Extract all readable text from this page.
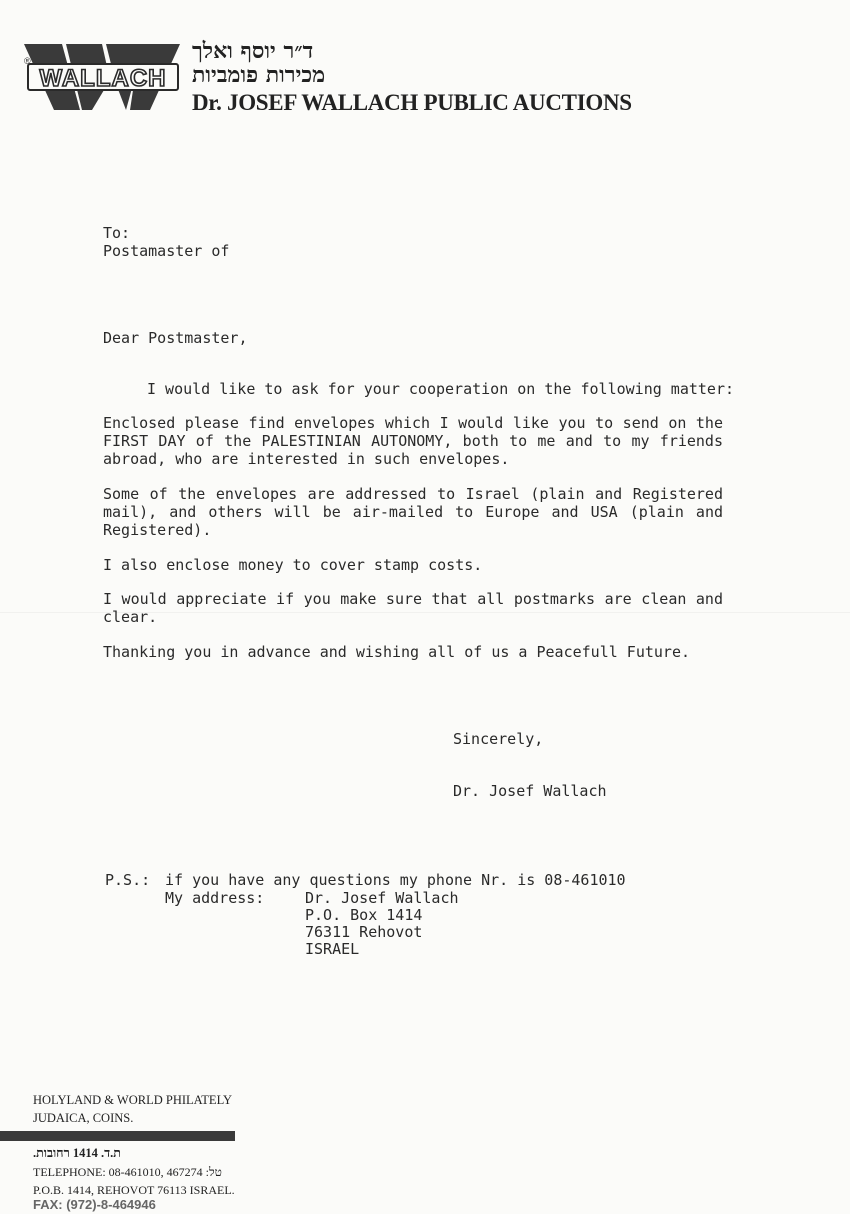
WALLACH
®	ד״ר יוסף ואלך
מכירות פומביות
Dr. JOSEF WALLACH PUBLIC AUCTIONS
To:
Postamaster of
Dear Postmaster,
I would like to ask for your cooperation on the following matter:
Enclosed please find envelopes which I would like you to send on the FIRST DAY of the PALESTINIAN AUTONOMY, both to me and to my friends abroad, who are interested in such envelopes.
Some of the envelopes are addressed to Israel (plain and Registered mail), and others will be air-mailed to Europe and USA (plain and Registered).
I also enclose money to cover stamp costs.
I would appreciate if you make sure that all postmarks are clean and clear.
Thanking you in advance and wishing all of us a Peacefull Future.
Sincerely,
Dr. Josef Wallach
P.S.: if you have any questions my phone Nr. is 08-461010
My address:	Dr. Josef Wallach
P.O. Box 1414
76311 Rehovot
ISRAEL
HOLYLAND & WORLD PHILATELY
JUDAICA, COINS.
ת.ד. 1414 רחובות.
TELEPHONE: 08-461010, 467274 :טל
P.O.B. 1414, REHOVOT 76113 ISRAEL.
FAX: (972)-8-464946
